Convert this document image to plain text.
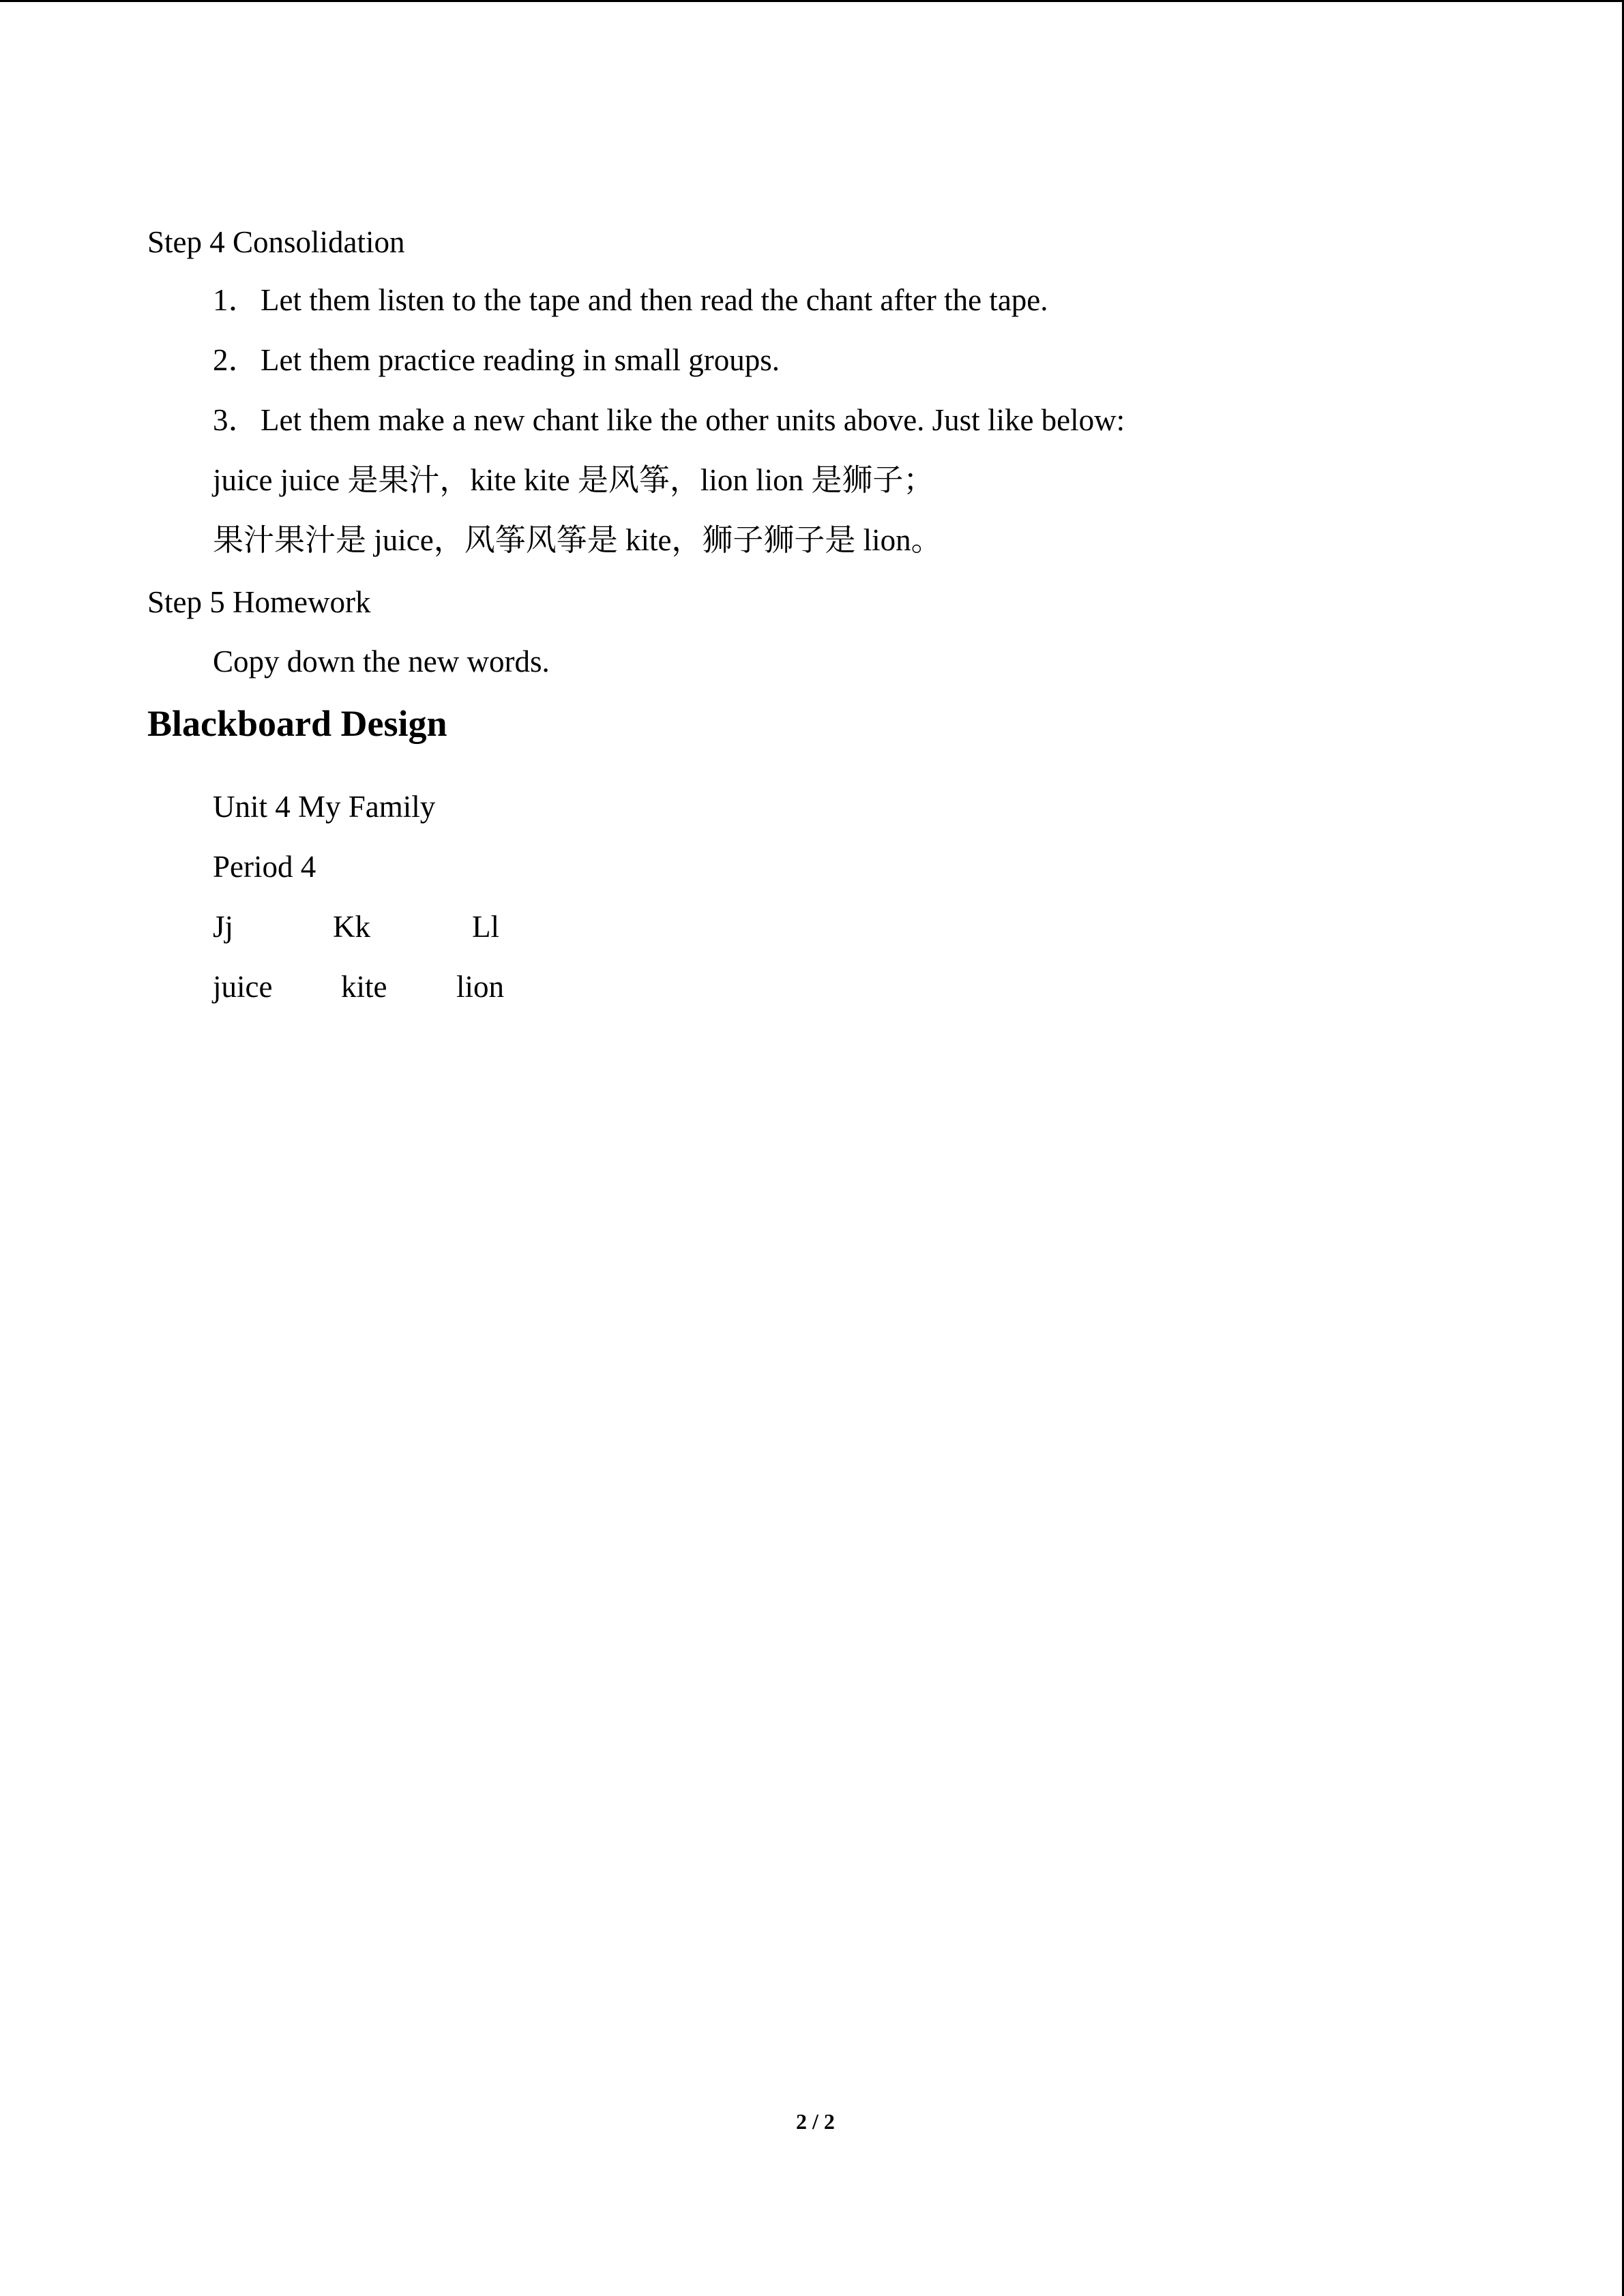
Step 4 Consolidation
1．Let them listen to the tape and then read the chant after the tape.
2．Let them practice reading in small groups.
3．Let them make a new chant like the other units above. Just like below:
juice juice 是果汁，kite kite 是风筝，lion lion 是狮子；
果汁果汁是 juice，风筝风筝是 kite，狮子狮子是 lion。
Step 5 Homework
Copy down the new words.
Blackboard Design
Unit 4 My Family
Period 4
Jj	Kk	Ll
juice kite lion
2 / 2
